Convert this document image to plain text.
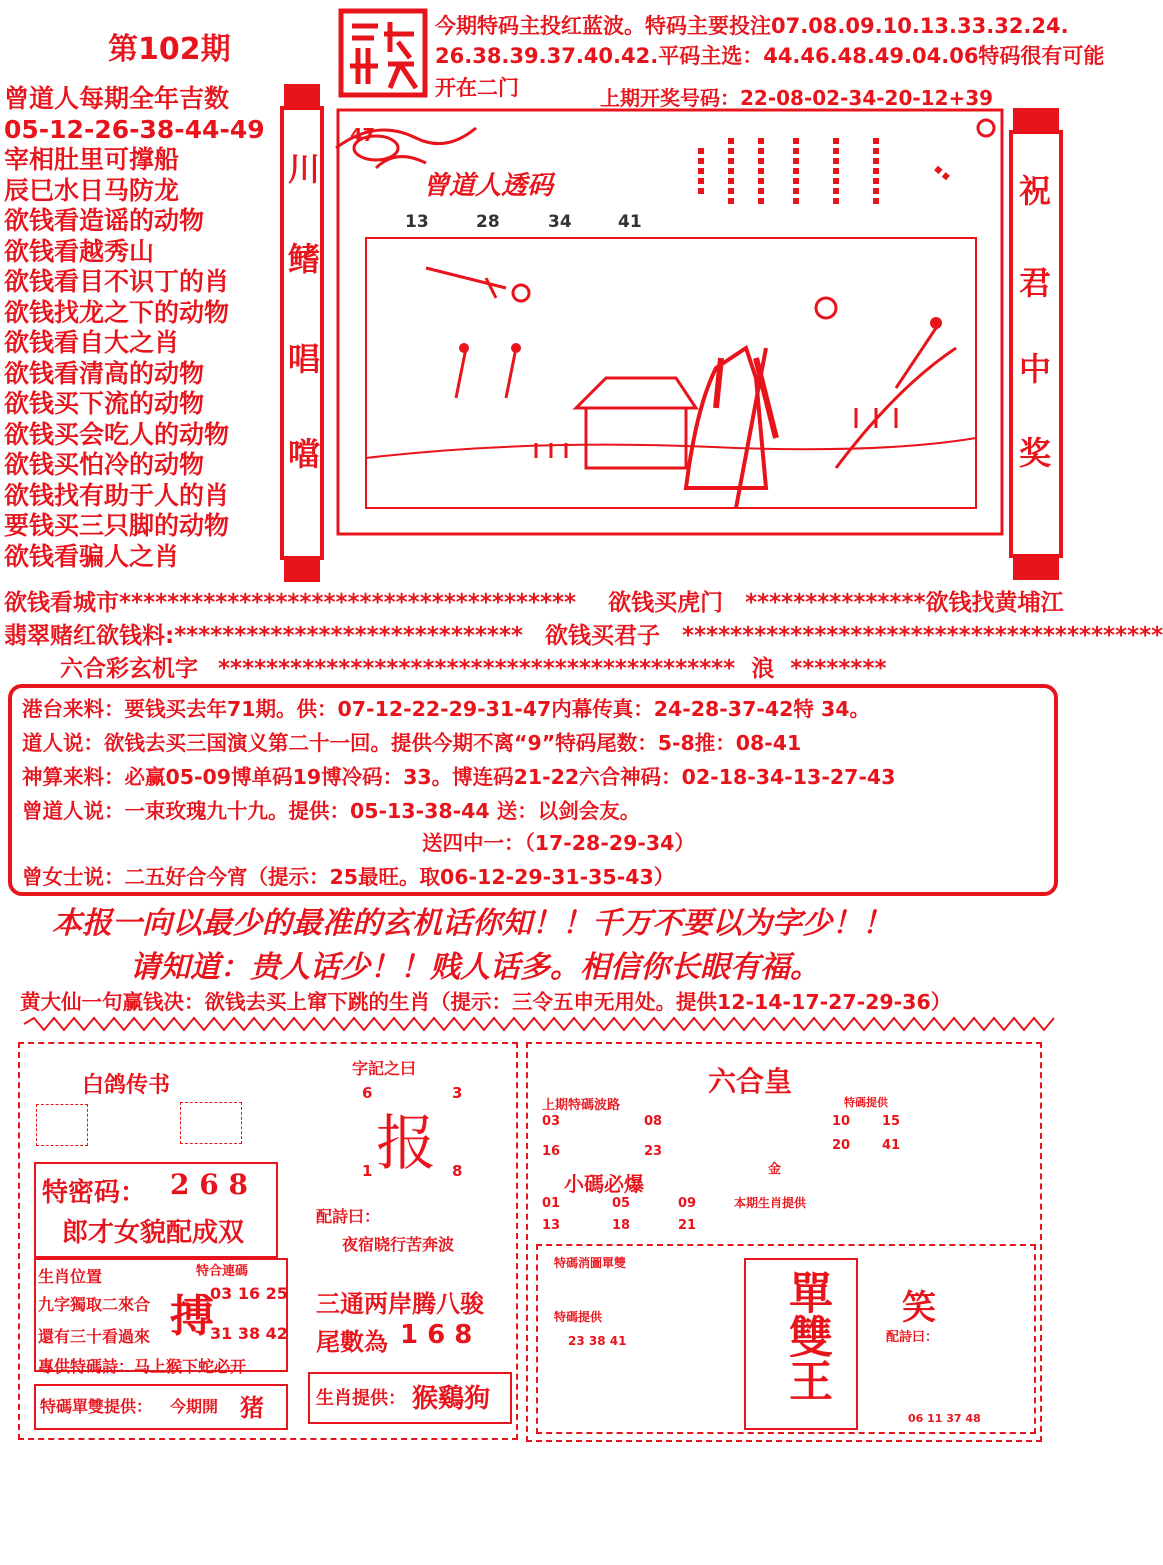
第102期
今期特码主投红蓝波。特码主要投注07.08.09.10.13.33.32.24.
26.38.39.37.40.42.平码主选：44.46.48.49.04.06特码很有可能
开在二门	上期开奖号码：22-08-02-34-20-12+39
曾道人每期全年吉数
05-12-26-38-44-49
宰相肚里可撑船
辰巳水日马防龙
欲钱看造谣的动物
欲钱看越秀山
欲钱看目不识丁的肖
欲钱找龙之下的动物
欲钱看自大之肖
欲钱看清高的动物
欲钱买下流的动物
欲钱买会吃人的动物
欲钱买怕冷的动物
欲钱找有助于人的肖
要钱买三只脚的动物
欲钱看骗人之肖
川
鳍
唱
噹
曾道人透码
47
13	28	34	41
祝
君
中
奖
欲钱看城市************************************** 欲钱买虎门 ***************欲钱找黄埔江
翡翠赌红欲钱料:***************************** 欲钱买君子 ****************************************
六合彩玄机字 ******************************************* 浪 ********
港台来料：要钱买去年71期。供：07-12-22-29-31-47内幕传真：24-28-37-42特 34。
道人说：欲钱去买三国演义第二十一回。提供今期不离“9”特码尾数：5-8推：08-41
神算来料：必赢05-09博单码19博冷码：33。博连码21-22六合神码：02-18-34-13-27-43
曾道人说：一束玫瑰九十九。提供：05-13-38-44 送：以剑会友。
送四中一：（17-28-29-34）
曾女士说：二五好合今宵（提示：25最旺。取06-12-29-31-35-43）
本报一向以最少的最准的玄机话你知！！千万不要以为字少！！
请知道：贵人话少！！贱人话多。相信你长眼有福。
黄大仙一句赢钱决：欲钱去买上窜下跳的生肖（提示：三令五申无用处。提供12-14-17-27-29-36）
白鸽传书
特密码： 2 6 8
郎才女貌配成双
生肖位置
九字獨取二來合
還有三十看過來
特合連碼
搏
03 16 25
31 38 42
專供特碼詩：马上猴下蛇必开
特碼單雙提供： 今期開 猪
字記之曰
6	3
报
1	8
配詩曰：
夜宿晓行苦奔波
三通两岸腾八骏
尾數為 1 6 8
生肖提供： 猴鷄狗
六合皇
上期特碼波路
03	08
16	23
特碼提供
10 15
20 41
金
小碼必爆
01	05	09
13	18	21
本期生肖提供
特碼消圖單雙
特碼提供
23 38 41	單雙王 笑
配詩曰：
06 11 37 48
